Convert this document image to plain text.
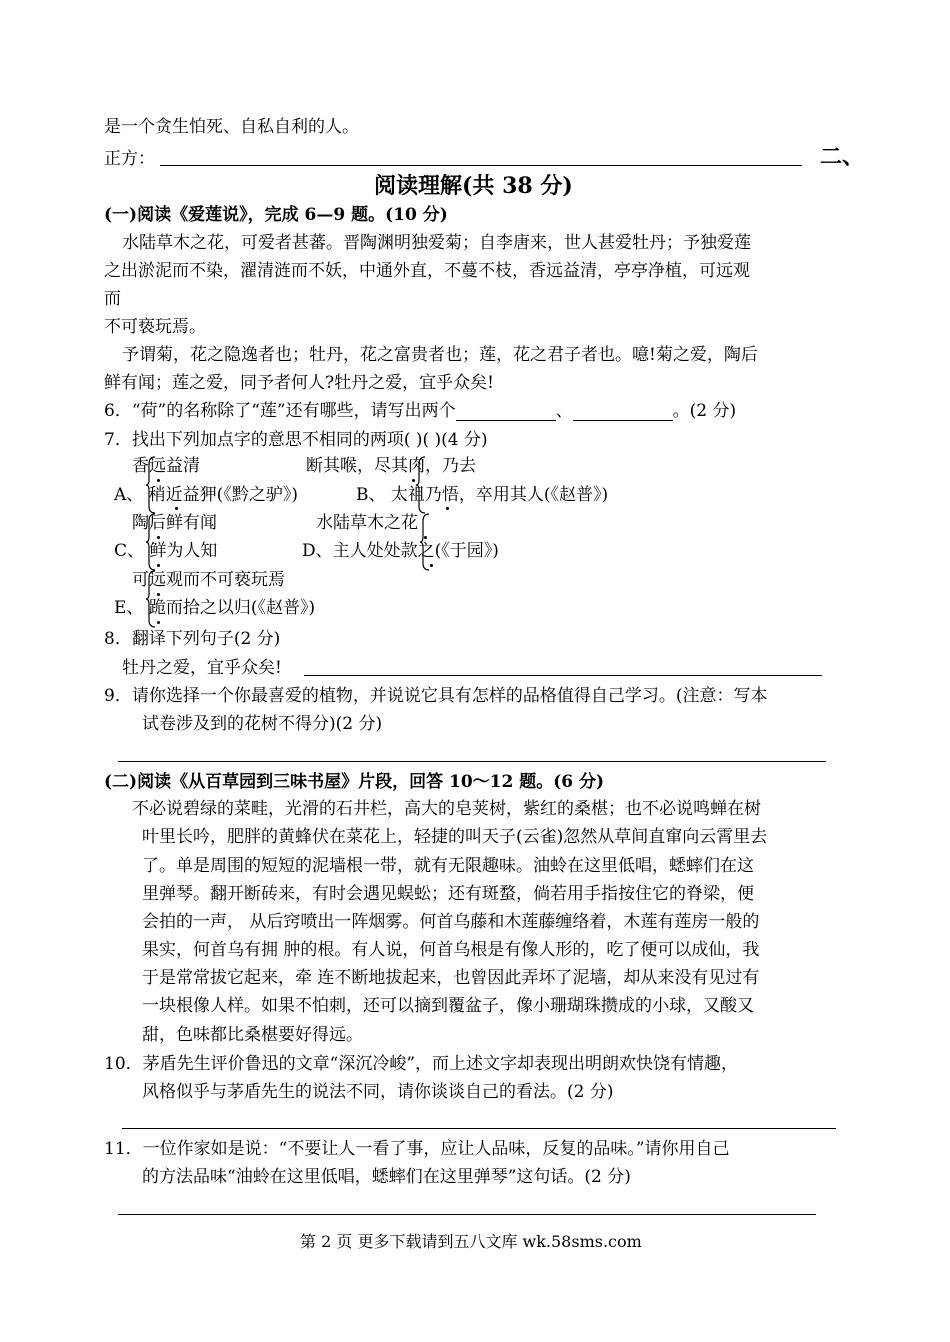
是一个贪生怕死、自私自利的人。
正方：	二、
阅读理解(共 38 分)
(一)阅读《爱莲说》，完成 6—9 题。(10 分)
水陆草木之花，可爱者甚蕃。晋陶渊明独爱菊；自李唐来，世人甚爱牡丹；予独爱莲
之出淤泥而不染，濯清涟而不妖，中通外直，不蔓不枝，香远益清，亭亭净植，可远观
而
不可亵玩焉。
予谓菊，花之隐逸者也；牡丹，花之富贵者也；莲，花之君子者也。噫!菊之爱，陶后
鲜有闻；莲之爱，同予者何人?牡丹之爱，宜乎众矣!
6．“荷”的名称除了“莲”还有哪些，请写出两个	、	。(2 分)
7．找出下列加点字的意思不相同的两项( )( )(4 分)
香远益清	断其喉，尽其肉，乃去
A、 稍近益狎(《黔之驴》)	B、 太祖乃悟，卒用其人(《赵普》)
陶后鲜有闻	水陆草木之花
C、 鲜为人知	D、主人处处款之(《于园》)
可远观而不可亵玩焉
E、 跪而拾之以归(《赵普》)
8．翻译下列句子(2 分)
牡丹之爱，宜乎众矣!
9．请你选择一个你最喜爱的植物，并说说它具有怎样的品格值得自己学习。(注意：写本
试卷涉及到的花树不得分)(2 分)
(二)阅读《从百草园到三味书屋》片段，回答 10～12 题。(6 分)
不必说碧绿的菜畦，光滑的石井栏，高大的皂荚树，紫红的桑椹；也不必说鸣蝉在树
叶里长吟，肥胖的黄蜂伏在菜花上，轻捷的叫天子(云雀)忽然从草间直窜向云霄里去
了。单是周围的短短的泥墙根一带，就有无限趣味。油蛉在这里低唱，蟋蟀们在这
里弹琴。翻开断砖来，有时会遇见蜈蚣；还有斑蝥，倘若用手指按住它的脊梁，便
会拍的一声， 从后窍喷出一阵烟雾。何首乌藤和木莲藤缠络着，木莲有莲房一般的
果实，何首乌有拥 肿的根。有人说，何首乌根是有像人形的，吃了便可以成仙，我
于是常常拔它起来，牵 连不断地拔起来，也曾因此弄坏了泥墙，却从来没有见过有
一块根像人样。如果不怕刺，还可以摘到覆盆子，像小珊瑚珠攒成的小球，又酸又
甜，色味都比桑椹要好得远。
10．茅盾先生评价鲁迅的文章“深沉冷峻”，而上述文字却表现出明朗欢快饶有情趣，
风格似乎与茅盾先生的说法不同，请你谈谈自己的看法。(2 分)
11．一位作家如是说：“不要让人一看了事，应让人品味，反复的品味。”请你用自己
的方法品味“油蛉在这里低唱，蟋蟀们在这里弹琴”这句话。(2 分)
第 2 页 更多下载请到五八文库 wk.58sms.com
